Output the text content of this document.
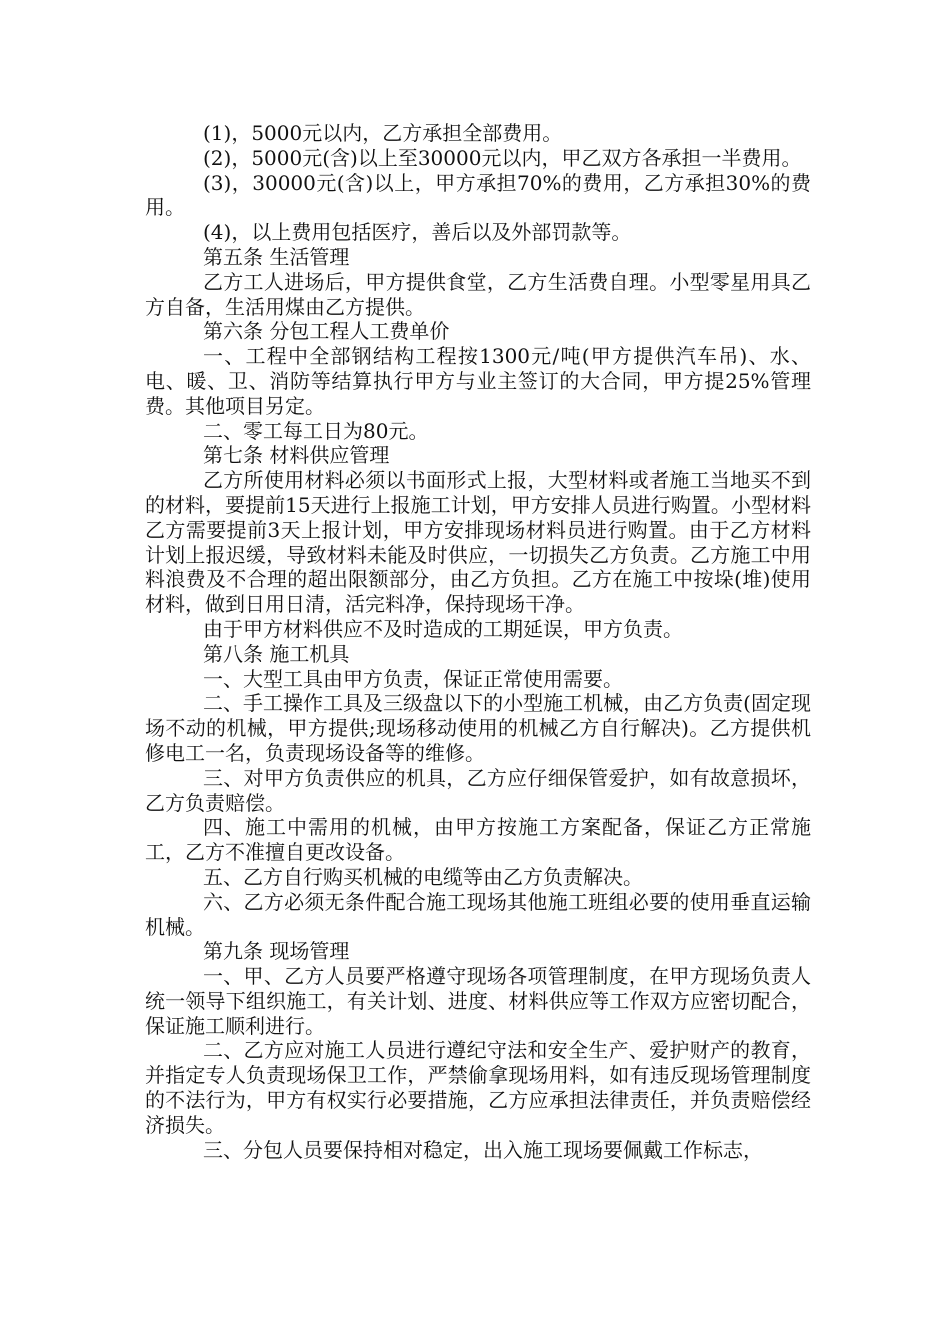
(1)，5000元以内，乙方承担全部费用。

(2)，5000元(含)以上至30000元以内，甲乙双方各承担一半费用。

(3)，30000元(含)以上，甲方承担70%的费用，乙方承担30%的费用。

(4)，以上费用包括医疗，善后以及外部罚款等。

第五条 生活管理

乙方工人进场后，甲方提供食堂，乙方生活费自理。小型零星用具乙方自备，生活用煤由乙方提供。

第六条 分包工程人工费单价

一、工程中全部钢结构工程按1300元/吨(甲方提供汽车吊)、水、电、暖、卫、消防等结算执行甲方与业主签订的大合同，甲方提25%管理费。其他项目另定。

二、零工每工日为80元。

第七条 材料供应管理

乙方所使用材料必须以书面形式上报，大型材料或者施工当地买不到的材料，要提前15天进行上报施工计划，甲方安排人员进行购置。小型材料乙方需要提前3天上报计划，甲方安排现场材料员进行购置。由于乙方材料计划上报迟缓，导致材料未能及时供应，一切损失乙方负责。乙方施工中用料浪费及不合理的超出限额部分，由乙方负担。乙方在施工中按垛(堆)使用材料，做到日用日清，活完料净，保持现场干净。

由于甲方材料供应不及时造成的工期延误，甲方负责。

第八条 施工机具

一、大型工具由甲方负责，保证正常使用需要。

二、手工操作工具及三级盘以下的小型施工机械，由乙方负责(固定现场不动的机械，甲方提供;现场移动使用的机械乙方自行解决)。乙方提供机修电工一名，负责现场设备等的维修。

三、对甲方负责供应的机具，乙方应仔细保管爱护，如有故意损坏，乙方负责赔偿。

四、施工中需用的机械，由甲方按施工方案配备，保证乙方正常施工，乙方不准擅自更改设备。

五、乙方自行购买机械的电缆等由乙方负责解决。

六、乙方必须无条件配合施工现场其他施工班组必要的使用垂直运输机械。

第九条 现场管理

一、甲、乙方人员要严格遵守现场各项管理制度，在甲方现场负责人统一领导下组织施工，有关计划、进度、材料供应等工作双方应密切配合，保证施工顺利进行。

二、乙方应对施工人员进行遵纪守法和安全生产、爱护财产的教育，并指定专人负责现场保卫工作，严禁偷拿现场用料，如有违反现场管理制度的不法行为，甲方有权实行必要措施，乙方应承担法律责任，并负责赔偿经济损失。

三、分包人员要保持相对稳定，出入施工现场要佩戴工作标志，
